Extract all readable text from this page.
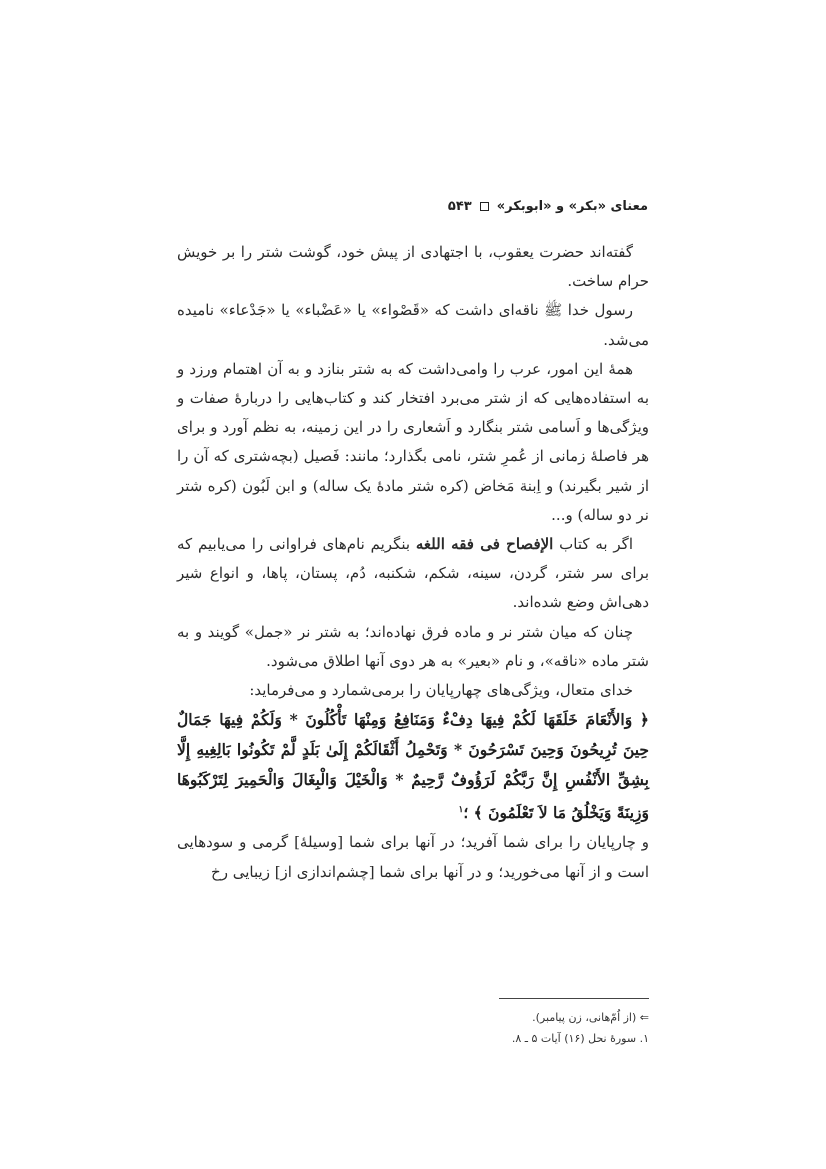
معنای «بکر» و «ابوبکر»
۵۴۳

گفته‌اند حضرت یعقوب، با اجتهادی از پیش خود، گوشت شتر را بر خویش حرام ساخت.

رسول خدا ﷺ ناقه‌ای داشت که «قَصْواء» یا «عَضْباء» یا «جَدْعاء» نامیده می‌شد.

همهٔ این امور، عرب را وامی‌داشت که به شتر بنازد و به آن اهتمام ورزد و به استفاده‌هایی که از شتر می‌برد افتخار کند و کتاب‌هایی را دربارهٔ صفات و ویژگی‌ها و اَسامی شتر بنگارد و اَشعاری را در این زمینه، به نظم آورد و برای هر فاصلهٔ زمانی از عُمرِ شتر، نامی بگذارد؛ مانند: فَصیل (بچه‌شتری که آن را از شیر بگیرند) و اِبنة مَخاض (کره شتر مادهٔ یک ساله) و ابن لَبُون (کره شتر نر دو ساله) و...

اگر به کتاب الإفصاح فی فقه اللغه بنگریم نام‌های فراوانی را می‌یابیم که برای سر شتر، گردن، سینه، شکم، شکنبه، دُم، پستان، پاها، و انواع شیر دهی‌اش وضع شده‌اند.

چنان که میان شتر نر و ماده فرق نهاده‌اند؛ به شتر نر «جمل» گویند و به شتر ماده «ناقه»، و نام «بعیر» به هر دوی آنها اطلاق می‌شود.

خدای متعال، ویژگی‌های چهارپایان را برمی‌شمارد و می‌فرماید:

﴿ وَالأَنْعَامَ خَلَقَهَا لَكُمْ فِيهَا دِفْءٌ وَمَنَافِعُ وَمِنْهَا تَأْكُلُونَ * وَلَكُمْ فِيهَا جَمَالٌ حِينَ تُرِيحُونَ وَحِينَ تَسْرَحُونَ * وَتَحْمِلُ أَثْقَالَكُمْ إِلَىٰ بَلَدٍ لَّمْ تَكُونُوا بَالِغِيهِ إِلَّا بِشِقِّ الأَنْفُسِ إِنَّ رَبَّكُمْ لَرَؤُوفٌ رَّحِيمٌ * وَالْخَيْلَ وَالْبِغَالَ وَالْحَمِيرَ لِتَرْكَبُوهَا وَزِينَةً وَيَخْلُقُ مَا لاَ تَعْلَمُونَ ﴾ ؛$^۱$

و چارپایان را برای شما آفرید؛ در آنها برای شما [وسیلهٔ] گرمی و سودهایی است و از آنها می‌خورید؛ و در آنها برای شما [چشم‌اندازی از] زیبایی رخ

⇐ (از اُمّ‌هانی، زن پیامبر).

۱. سورهٔ نحل (۱۶) آیات ۵ ـ ۸.
